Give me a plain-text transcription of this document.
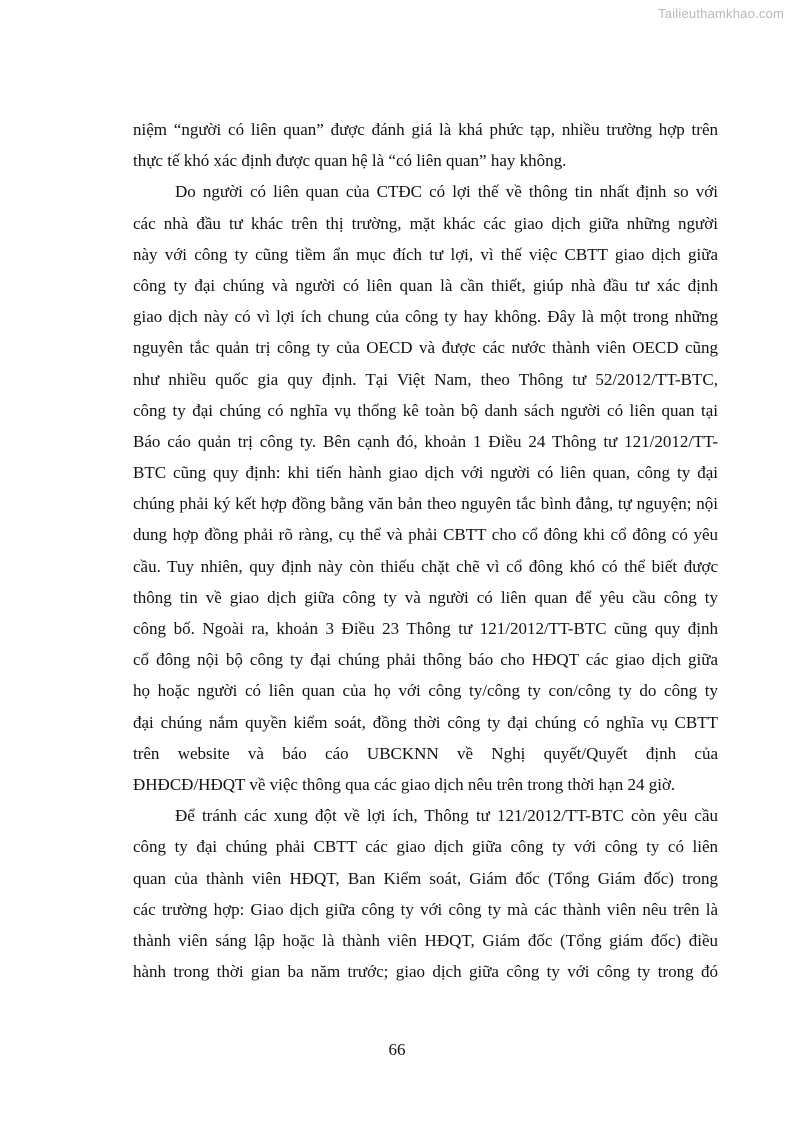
Tailieuthamkhao.com
niệm “người có liên quan” được đánh giá là khá phức tạp, nhiều trường hợp trên
thực tế khó xác định được quan hệ là “có liên quan” hay không.
Do người có liên quan của CTĐC có lợi thế về thông tin nhất định so với
các nhà đầu tư khác trên thị trường, mặt khác các giao dịch giữa những người
này với công ty cũng tiềm ẩn mục đích tư lợi, vì thế việc CBTT giao dịch giữa
công ty đại chúng và người có liên quan là cần thiết, giúp nhà đầu tư xác định
giao dịch này có vì lợi ích chung của công ty hay không. Đây là một trong những
nguyên tắc quản trị công ty của OECD và được các nước thành viên OECD cũng
như nhiều quốc gia quy định. Tại Việt Nam, theo Thông tư 52/2012/TT-BTC,
công ty đại chúng có nghĩa vụ thống kê toàn bộ danh sách người có liên quan tại
Báo cáo quản trị công ty. Bên cạnh đó, khoản 1 Điều 24 Thông tư 121/2012/TT-
BTC cũng quy định: khi tiến hành giao dịch với người có liên quan, công ty đại
chúng phải ký kết hợp đồng bằng văn bản theo nguyên tắc bình đẳng, tự nguyện; nội
dung hợp đồng phải rõ ràng, cụ thể và phải CBTT cho cổ đông khi cổ đông có yêu
cầu. Tuy nhiên, quy định này còn thiếu chặt chẽ vì cổ đông khó có thể biết được
thông tin về giao dịch giữa công ty và người có liên quan để yêu cầu công ty
công bố. Ngoài ra, khoản 3 Điều 23 Thông tư 121/2012/TT-BTC cũng quy định
cổ đông nội bộ công ty đại chúng phải thông báo cho HĐQT các giao dịch giữa
họ hoặc người có liên quan của họ với công ty/công ty con/công ty do công ty
đại chúng nắm quyền kiểm soát, đồng thời công ty đại chúng có nghĩa vụ CBTT
trên website và báo cáo UBCKNN về Nghị quyết/Quyết định của
ĐHĐCĐ/HĐQT về việc thông qua các giao dịch nêu trên trong thời hạn 24 giờ.
Để tránh các xung đột về lợi ích, Thông tư 121/2012/TT-BTC còn yêu cầu
công ty đại chúng phải CBTT các giao dịch giữa công ty với công ty có liên
quan của thành viên HĐQT, Ban Kiểm soát, Giám đốc (Tổng Giám đốc) trong
các trường hợp: Giao dịch giữa công ty với công ty mà các thành viên nêu trên là
thành viên sáng lập hoặc là thành viên HĐQT, Giám đốc (Tổng giám đốc) điều
hành trong thời gian ba năm trước; giao dịch giữa công ty với công ty trong đó
66
